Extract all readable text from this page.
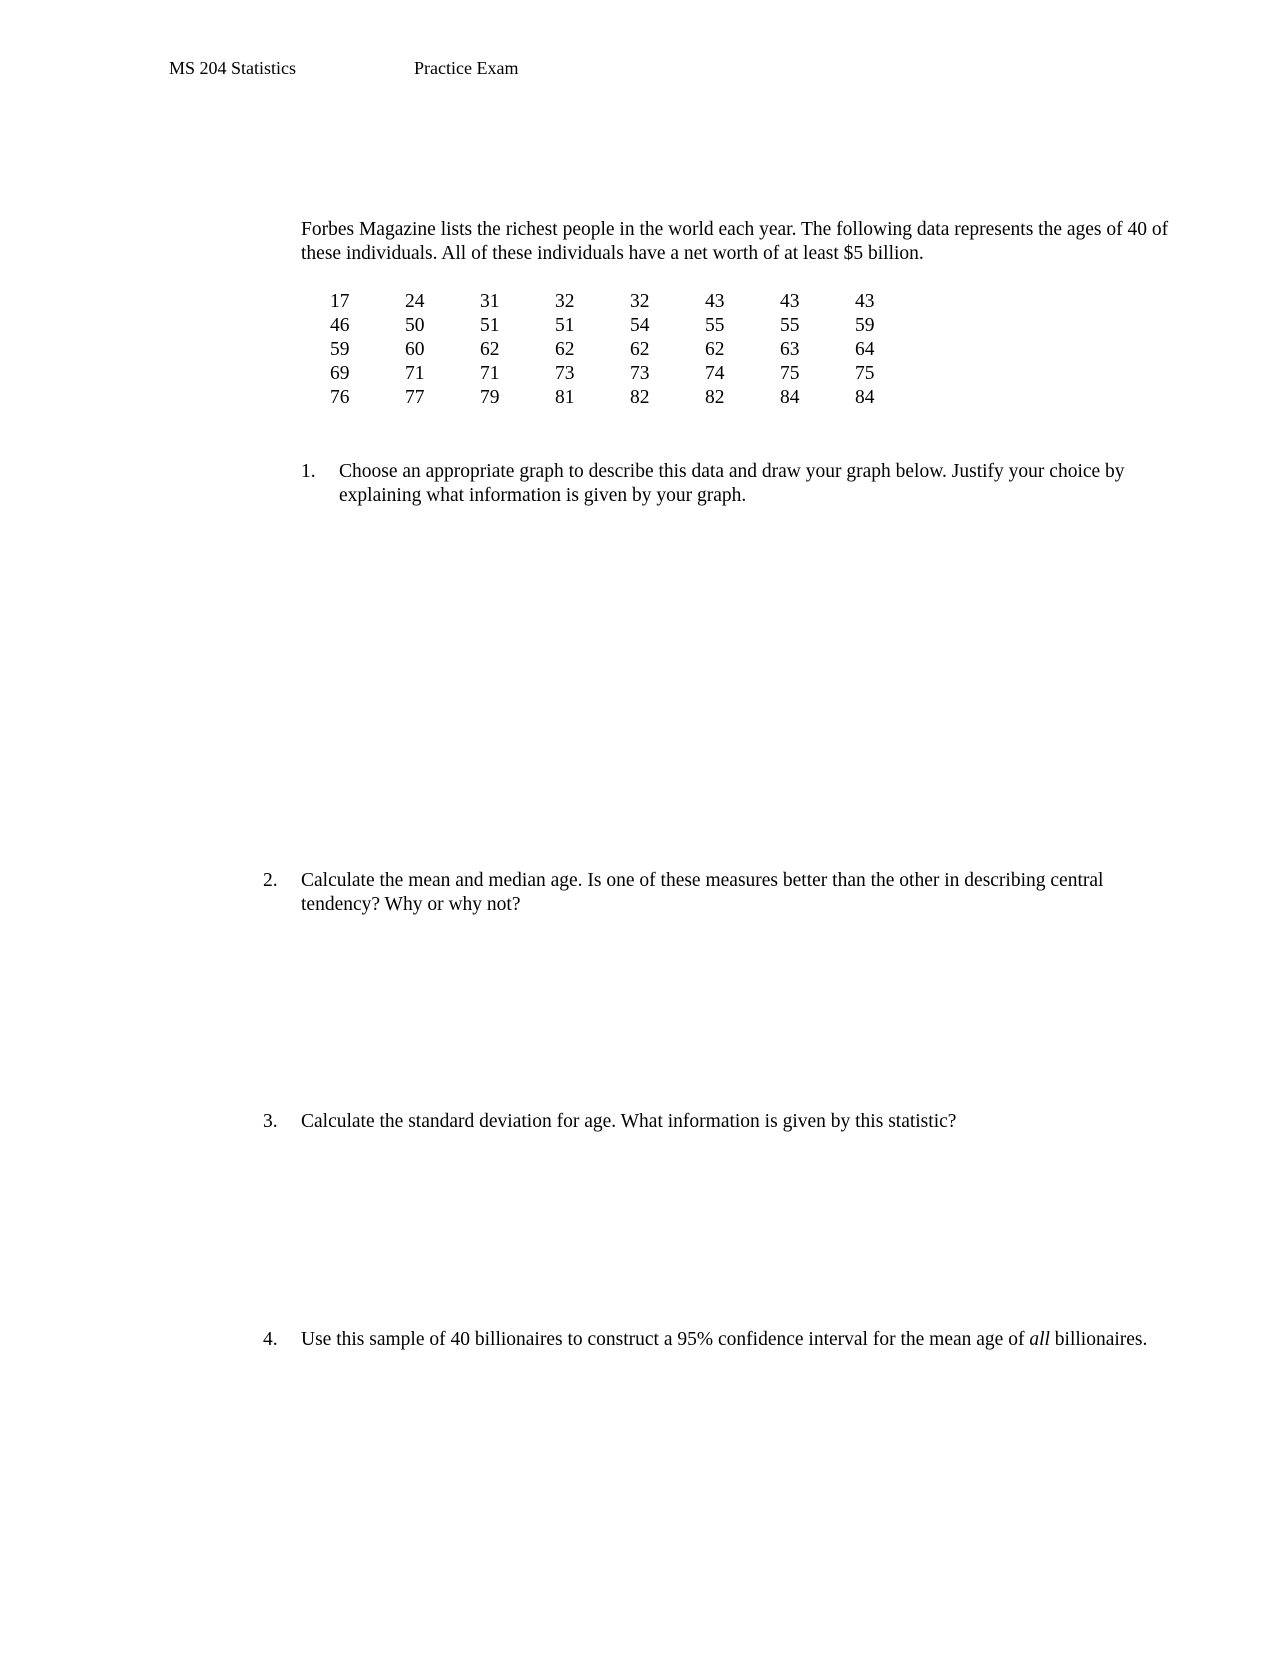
MS 204 Statistics	Practice Exam

Forbes Magazine lists the richest people in the world each year. The following data represents the ages of 40 of these individuals. All of these individuals have a net worth of at least $5 billion.

17	24	31	32	32	43	43	43
46	50	51	51	54	55	55	59
59	60	62	62	62	62	63	64
69	71	71	73	73	74	75	75
76	77	79	81	82	82	84	84
1. Choose an appropriate graph to describe this data and draw your graph below. Justify your choice by explaining what information is given by your graph.
2. Calculate the mean and median age. Is one of these measures better than the other in describing central tendency? Why or why not?
3. Calculate the standard deviation for age. What information is given by this statistic?
4. Use this sample of 40 billionaires to construct a 95% confidence interval for the mean age of all billionaires.
